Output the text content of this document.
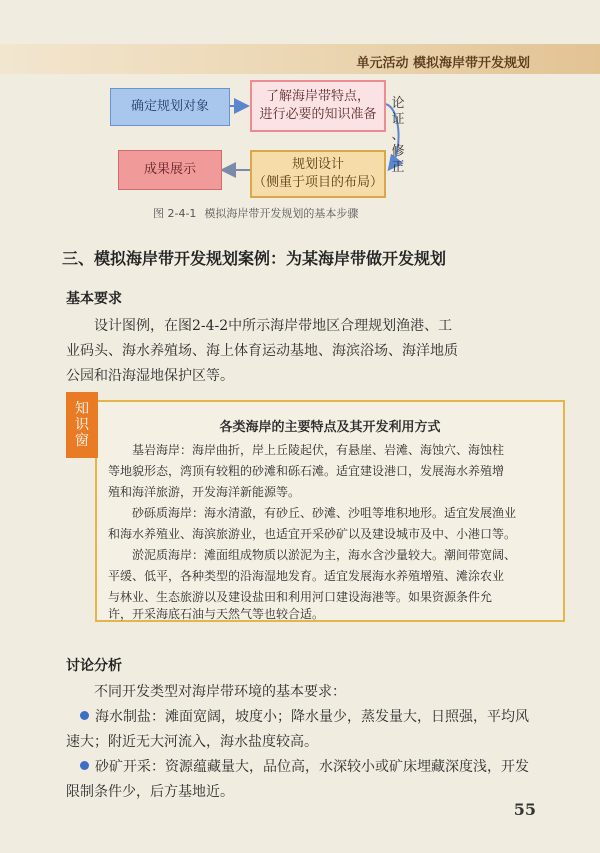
单元活动 模拟海岸带开发规划
确定规划对象
了解海岸带特点，
进行必要的知识准备
成果展示	规划设计
（侧重于项目的布局）
论
证
、
修
正
图 2-4-1 模拟海岸带开发规划的基本步骤
三、模拟海岸带开发规划案例：为某海岸带做开发规划
基本要求
设计图例，在图2-4-2中所示海岸带地区合理规划渔港、工
业码头、海水养殖场、海上体育运动基地、海滨浴场、海洋地质
公园和沿海湿地保护区等。
知
识
窗
各类海岸的主要特点及其开发利用方式
基岩海岸：海岸曲折，岸上丘陵起伏，有悬崖、岩滩、海蚀穴、海蚀柱
等地貌形态，湾顶有较粗的砂滩和砾石滩。适宜建设港口，发展海水养殖增
殖和海洋旅游，开发海洋新能源等。
砂砾质海岸：海水清澈，有砂丘、砂滩、沙咀等堆积地形。适宜发展渔业
和海水养殖业、海滨旅游业，也适宜开采砂矿以及建设城市及中、小港口等。
淤泥质海岸：滩面组成物质以淤泥为主，海水含沙量较大。潮间带宽阔、
平缓、低平，各种类型的沿海湿地发育。适宜发展海水养殖增殖、滩涂农业
与林业、生态旅游以及建设盐田和利用河口建设海港等。如果资源条件允
许，开采海底石油与天然气等也较合适。
讨论分析
不同开发类型对海岸带环境的基本要求：
海水制盐：滩面宽阔，坡度小；降水量少，蒸发量大，日照强，平均风
速大；附近无大河流入，海水盐度较高。
砂矿开采：资源蕴藏量大，品位高，水深较小或矿床埋藏深度浅，开发
限制条件少，后方基地近。
55
